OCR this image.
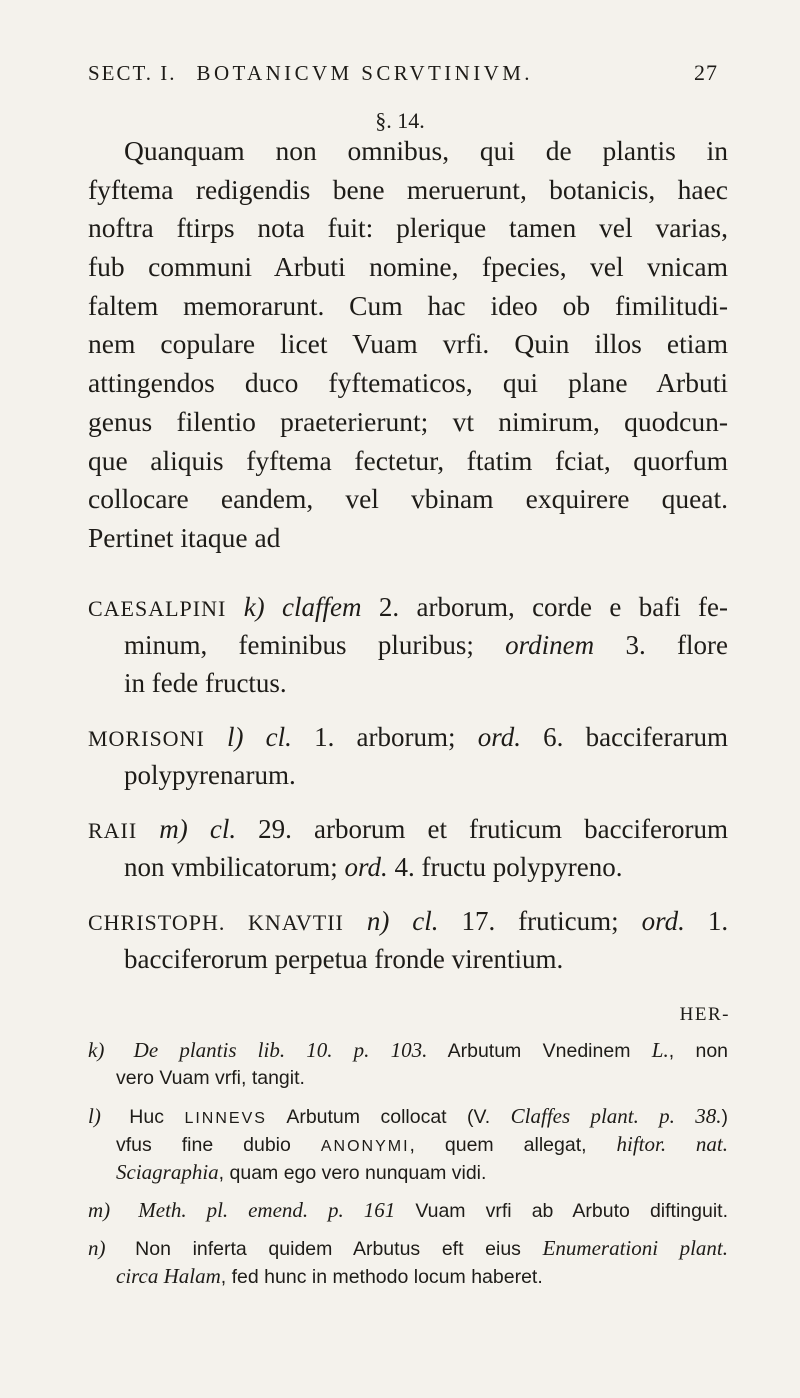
SECT. I. BOTANICVM SCRVTINIVM.	27
§. 14.
Quanquam non omnibus, qui de plantis in
fyftema redigendis bene meruerunt, botanicis, haec
noftra ftirps nota fuit: plerique tamen vel varias,
fub communi Arbuti nomine, fpecies, vel vnicam
faltem memorarunt. Cum hac ideo ob fimilitudi-
nem copulare licet Vuam vrfi. Quin illos etiam
attingendos duco fyftematicos, qui plane Arbuti
genus filentio praeterierunt; vt nimirum, quodcun-
que aliquis fyftema fectetur, ftatim fciat, quorfum
collocare eandem, vel vbinam exquirere queat.
Pertinet itaque ad
CAESALPINI k) claffem 2. arborum, corde e bafi fe-
minum, feminibus pluribus; ordinem 3. flore
in fede fructus.
MORISONI l) cl. 1. arborum; ord. 6. bacciferarum
polypyrenarum.
RAII m) cl. 29. arborum et fruticum bacciferorum
non vmbilicatorum; ord. 4. fructu polypyreno.
CHRISTOPH. KNAVTII n) cl. 17. fruticum; ord. 1.
bacciferorum perpetua fronde virentium.
HER-
k) De plantis lib. 10. p. 103. Arbutum Vnedinem L., non
vero Vuam vrfi, tangit.
l) Huc LINNEVS Arbutum collocat (V. Claffes plant. p. 38.)
vfus fine dubio ANONYMI, quem allegat, hiftor. nat.
Sciagraphia, quam ego vero nunquam vidi.
m) Meth. pl. emend. p. 161 Vuam vrfi ab Arbuto diftinguit.
n) Non inferta quidem Arbutus eft eius Enumerationi plant.
circa Halam, fed hunc in methodo locum haberet.
